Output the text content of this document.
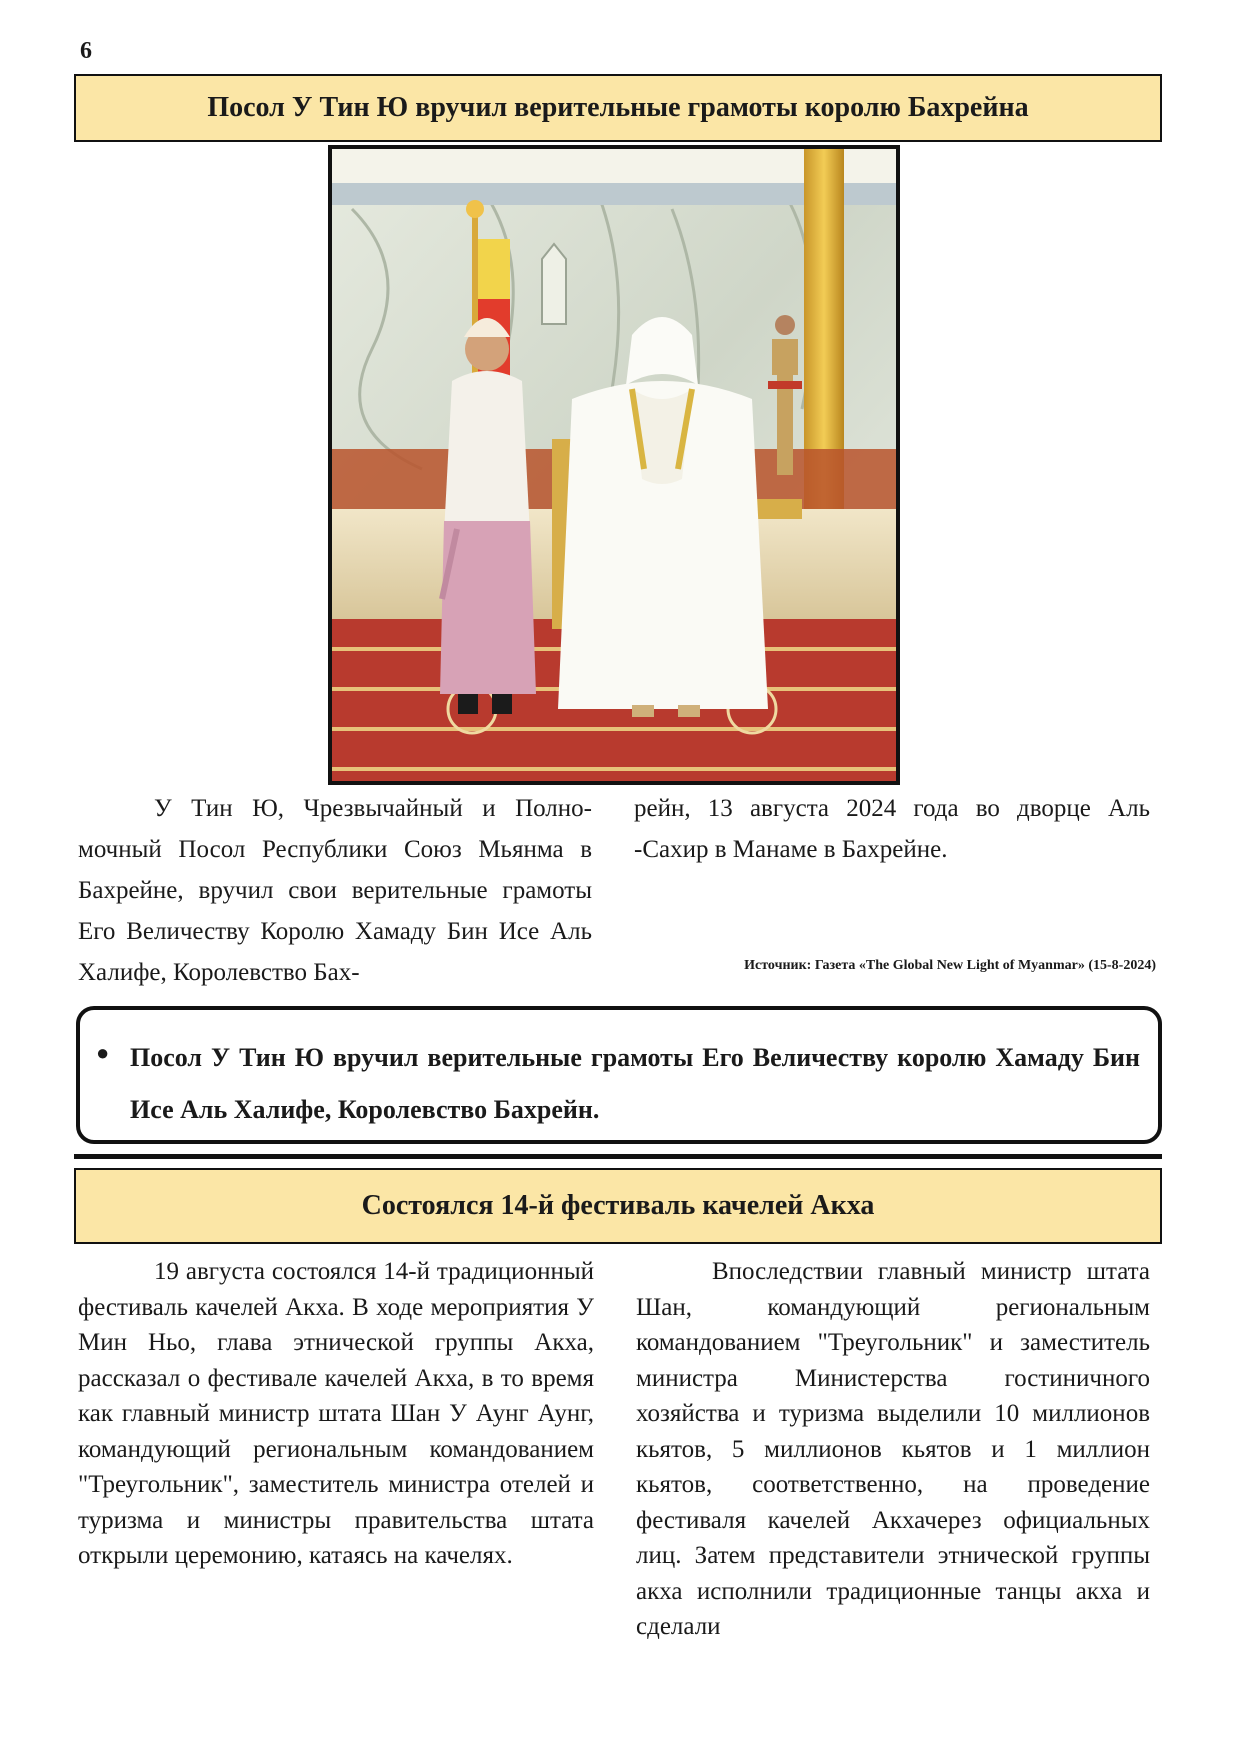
6
Посол У Тин Ю вручил верительные грамоты королю Бахрейна

У Тин Ю, Чрезвычайный и Полномочный Посол Республики Союз Мьянма в Бахрейне, вручил свои верительные грамоты Его Величеству Королю Хамаду Бин Исе Аль Халифе, Королевство Бах-

рейн, 13 августа 2024 года во дворце Аль -Сахир в Манаме в Бахрейне.

Источник: Газета «The Global New Light of Myanmar» (15-8-2024)
● Посол У Тин Ю вручил верительные грамоты Его Величеству королю Хамаду Бин Исе Аль Халифе, Королевство Бахрейн.
Состоялся 14-й фестиваль качелей Акха

19 августа состоялся 14-й традиционный фестиваль качелей Акха. В ходе мероприятия У Мин Ньо, глава этнической группы Акха, рассказал о фестивале качелей Акха, в то время как главный министр штата Шан У Аунг Аунг, командующий региональным командованием "Треугольник", заместитель министра отелей и туризма и министры правительства штата открыли церемонию, катаясь на качелях.

Впоследствии главный министр штата Шан, командующий региональным командованием "Треугольник" и заместитель министра Министерства гостиничного хозяйства и туризма выделили 10 миллионов кьятов, 5 миллионов кьятов и 1 миллион кьятов, соответственно, на проведение фестиваля качелей Акхачерез официальных лиц. Затем представители этнической группы акха исполнили традиционные танцы акха и сделали
